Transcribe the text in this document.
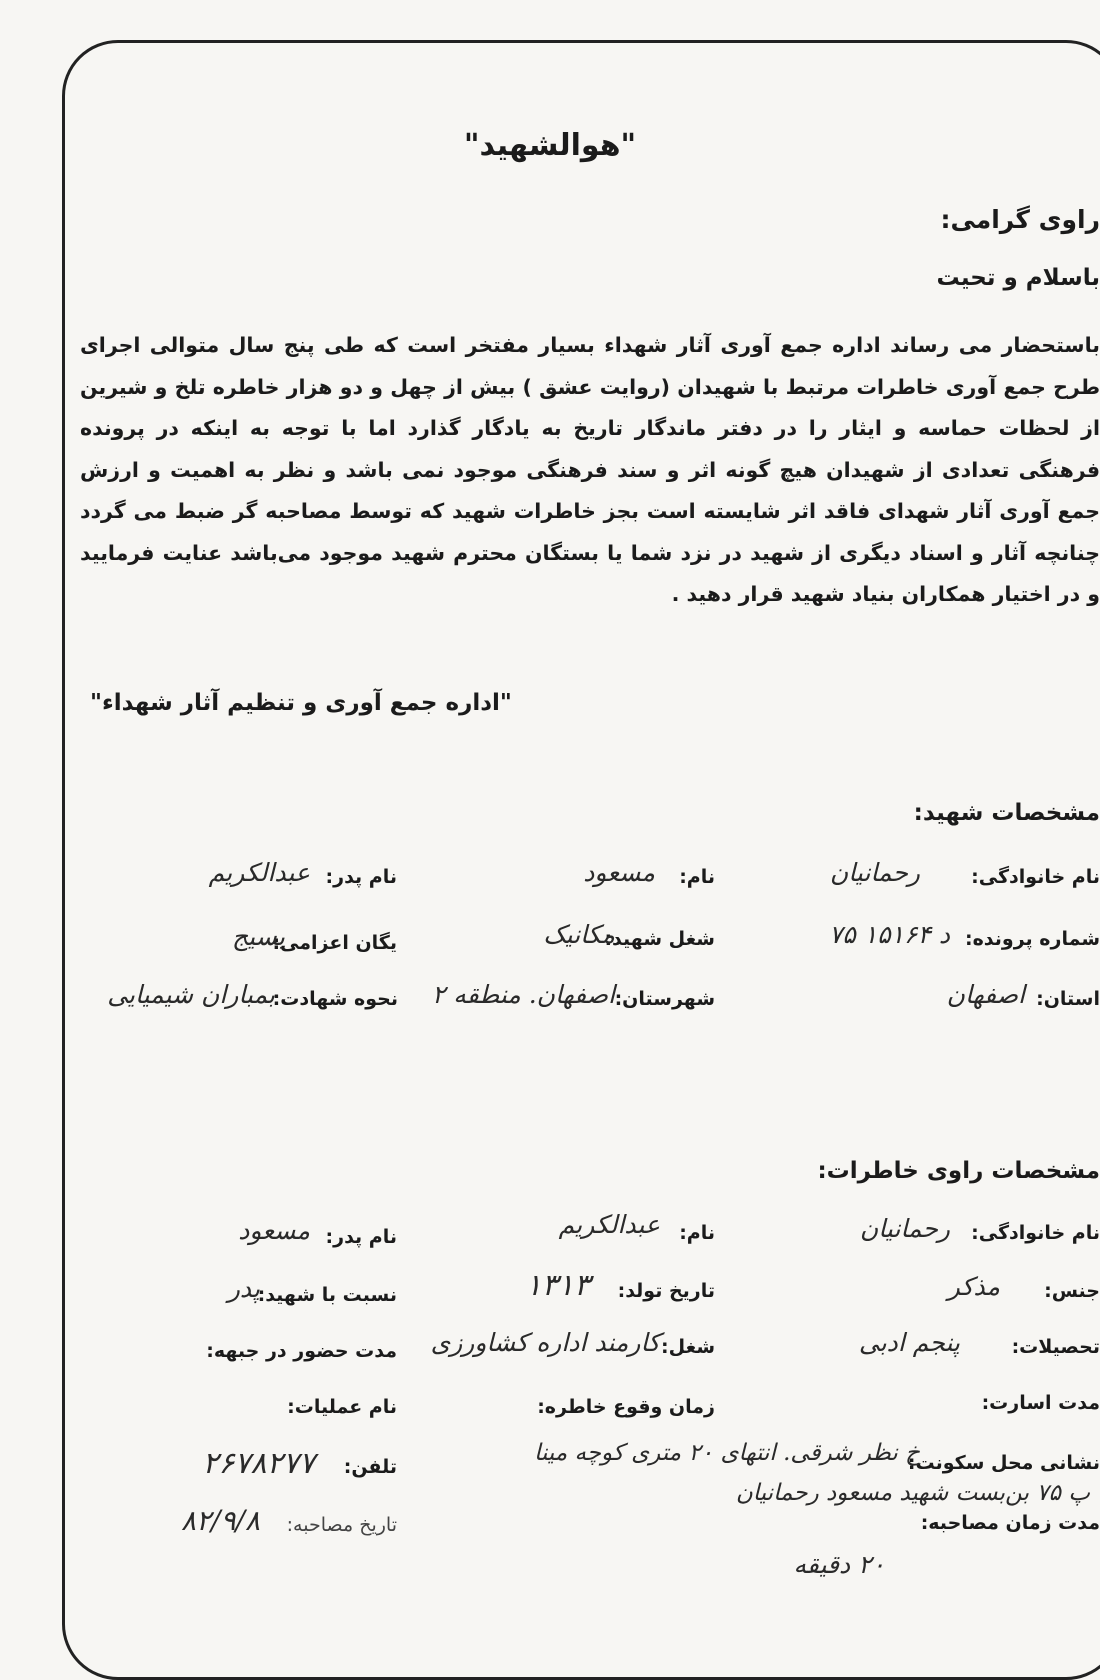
"هوالشهید"
راوی گرامی:
باسلام و تحیت
باستحضار می رساند اداره جمع آوری آثار شهداء بسیار مفتخر است که طی پنج سال متوالی اجرای طرح جمع آوری خاطرات مرتبط با شهیدان (روایت عشق ) بیش از چهل و دو هزار خاطره تلخ و شیرین از لحظات حماسه و ایثار را در دفتر ماندگار تاریخ به یادگار گذارد اما با توجه به اینکه در پرونده فرهنگی تعدادی از شهیدان هیچ گونه اثر و سند فرهنگی موجود نمی باشد و نظر به اهمیت و ارزش جمع آوری آثار شهدای فاقد اثر شایسته است بجز خاطرات شهید که توسط مصاحبه گر ضبط می گردد چنانچه آثار و اسناد دیگری از شهید در نزد شما یا بستگان محترم شهید موجود می‌باشد عنایت فرمایید و در اختیار همکاران بنیاد شهید قرار دهید .
"اداره جمع آوری و تنظیم آثار شهداء"
مشخصات شهید:
نام خانوادگی:
رحمانیان
نام:
مسعود
نام پدر:
عبدالکریم
شماره پرونده:
د ۱۵۱۶۴ ۷۵
شغل شهید:
مکانیک
یگان اعزامی:
بسیج
استان:
اصفهان
شهرستان:
اصفهان. منطقه ۲
نحوه شهادت:
بمباران شیمیایی
مشخصات راوی خاطرات:
نام خانوادگی:
رحمانیان
نام:
عبدالکریم
نام پدر:
مسعود
جنس:
مذکر
تاریخ تولد:
۱۳۱۳
نسبت با شهید:
پدر
تحصیلات:
پنجم ادبی
شغل:
کارمند اداره کشاورزی
مدت حضور در جبهه:
مدت اسارت:
زمان وقوع خاطره:
نام عملیات:
نشانی محل سکونت:
خ نظر شرقی. انتهای ۲۰ متری کوچه مینا
پ ۷۵ بن‌بست شهید مسعود رحمانیان
تلفن:
۲۶۷۸۲۷۷
مدت زمان مصاحبه:
۲۰ دقیقه
تاریخ مصاحبه:
۸۲/۹/۸
